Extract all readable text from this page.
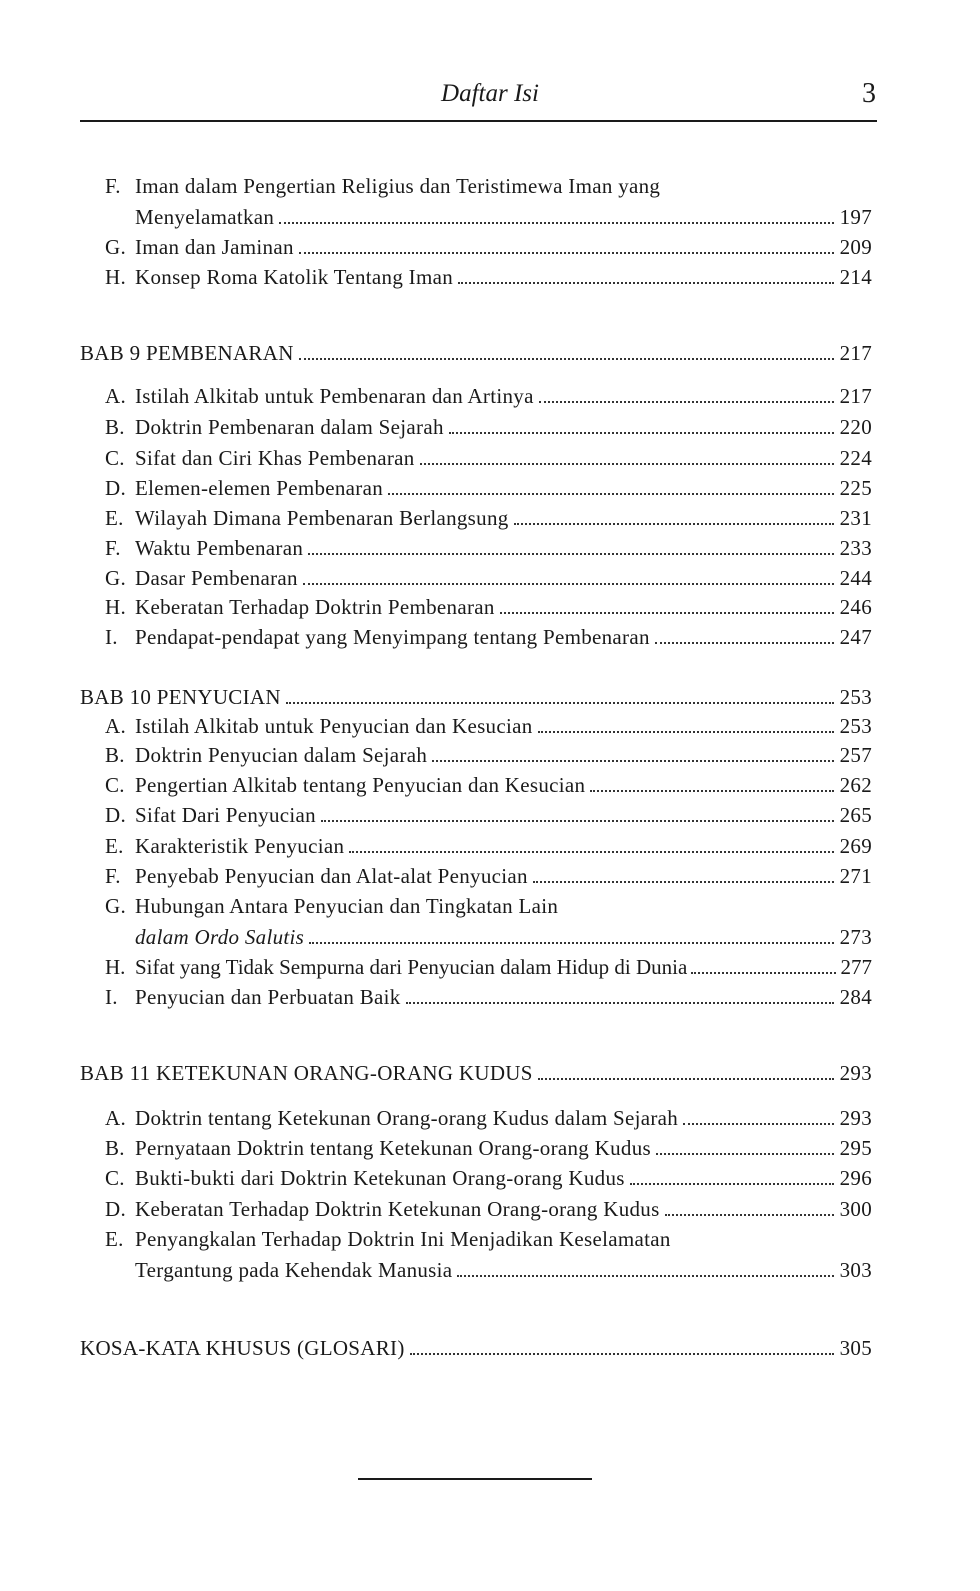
Daftar Isi	3
F. Iman dalam Pengertian Religius dan Teristimewa Iman yang
Menyelamatkan	197
G. Iman dan Jaminan	209
H. Konsep Roma Katolik Tentang Iman	214
BAB 9 PEMBENARAN	217
A. Istilah Alkitab untuk Pembenaran dan Artinya	217
B. Doktrin Pembenaran dalam Sejarah	220
C. Sifat dan Ciri Khas Pembenaran	224
D. Elemen-elemen Pembenaran	225
E. Wilayah Dimana Pembenaran Berlangsung	231
F. Waktu Pembenaran	233
G. Dasar Pembenaran	244
H. Keberatan Terhadap Doktrin Pembenaran	246
I. Pendapat-pendapat yang Menyimpang tentang Pembenaran	247
BAB 10 PENYUCIAN	253
A. Istilah Alkitab untuk Penyucian dan Kesucian	253
B. Doktrin Penyucian dalam Sejarah	257
C. Pengertian Alkitab tentang Penyucian dan Kesucian	262
D. Sifat Dari Penyucian	265
E. Karakteristik Penyucian	269
F. Penyebab Penyucian dan Alat-alat Penyucian	271
G. Hubungan Antara Penyucian dan Tingkatan Lain
dalam Ordo Salutis	273
H. Sifat yang Tidak Sempurna dari Penyucian dalam Hidup di Dunia	277
I. Penyucian dan Perbuatan Baik	284
BAB 11 KETEKUNAN ORANG-ORANG KUDUS	293
A. Doktrin tentang Ketekunan Orang-orang Kudus dalam Sejarah	293
B. Pernyataan Doktrin tentang Ketekunan Orang-orang Kudus	295
C. Bukti-bukti dari Doktrin Ketekunan Orang-orang Kudus	296
D. Keberatan Terhadap Doktrin Ketekunan Orang-orang Kudus	300
E. Penyangkalan Terhadap Doktrin Ini Menjadikan Keselamatan
Tergantung pada Kehendak Manusia	303
KOSA-KATA KHUSUS (GLOSARI)	305
